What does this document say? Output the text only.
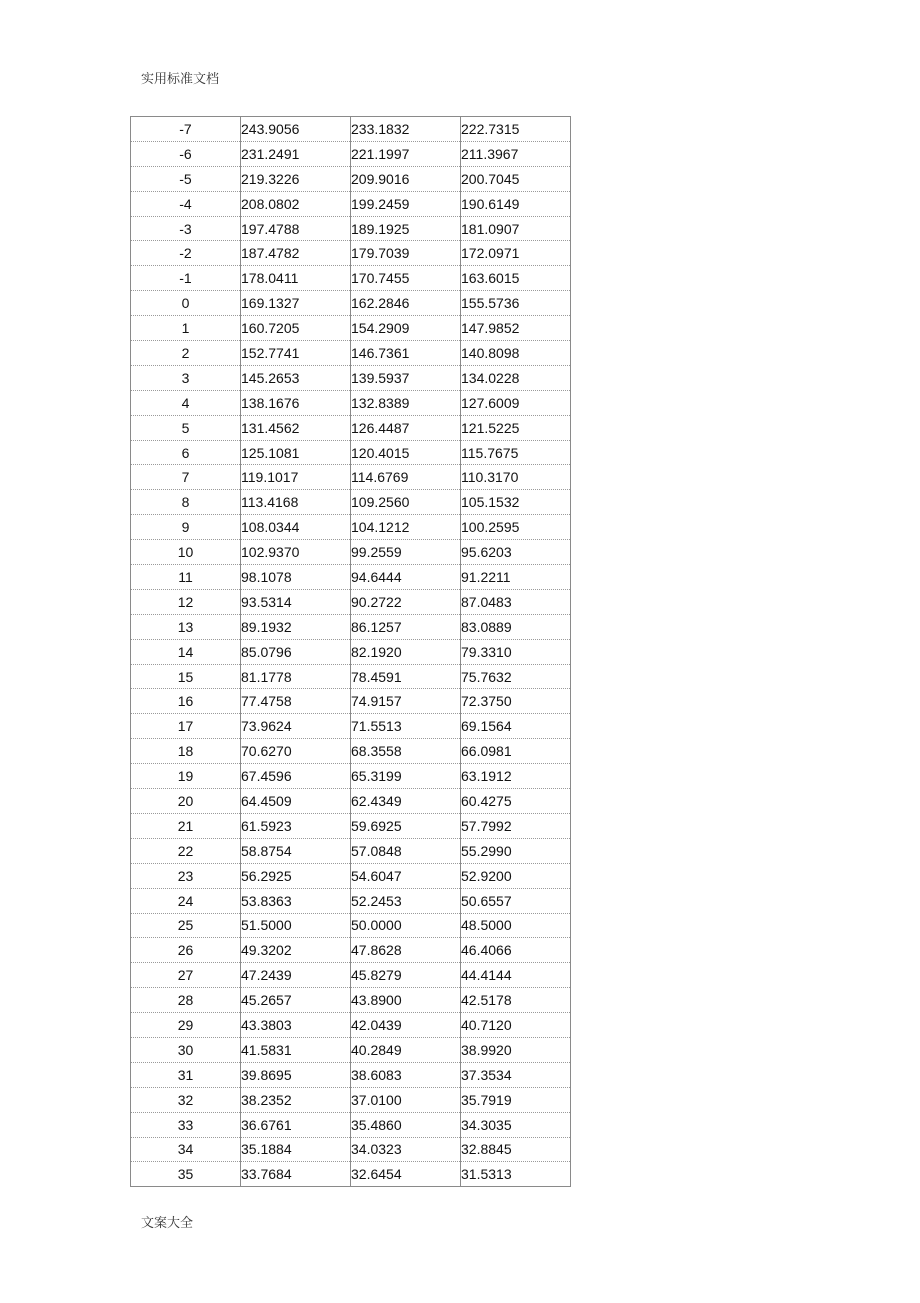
实用标准文档
-7	243.9056	233.1832	222.7315
-6	231.2491	221.1997	211.3967
-5	219.3226	209.9016	200.7045
-4	208.0802	199.2459	190.6149
-3	197.4788	189.1925	181.0907
-2	187.4782	179.7039	172.0971
-1	178.0411	170.7455	163.6015
0	169.1327	162.2846	155.5736
1	160.7205	154.2909	147.9852
2	152.7741	146.7361	140.8098
3	145.2653	139.5937	134.0228
4	138.1676	132.8389	127.6009
5	131.4562	126.4487	121.5225
6	125.1081	120.4015	115.7675
7	119.1017	114.6769	110.3170
8	113.4168	109.2560	105.1532
9	108.0344	104.1212	100.2595
10	102.9370	99.2559	95.6203
11	98.1078	94.6444	91.2211
12	93.5314	90.2722	87.0483
13	89.1932	86.1257	83.0889
14	85.0796	82.1920	79.3310
15	81.1778	78.4591	75.7632
16	77.4758	74.9157	72.3750
17	73.9624	71.5513	69.1564
18	70.6270	68.3558	66.0981
19	67.4596	65.3199	63.1912
20	64.4509	62.4349	60.4275
21	61.5923	59.6925	57.7992
22	58.8754	57.0848	55.2990
23	56.2925	54.6047	52.9200
24	53.8363	52.2453	50.6557
25	51.5000	50.0000	48.5000
26	49.3202	47.8628	46.4066
27	47.2439	45.8279	44.4144
28	45.2657	43.8900	42.5178
29	43.3803	42.0439	40.7120
30	41.5831	40.2849	38.9920
31	39.8695	38.6083	37.3534
32	38.2352	37.0100	35.7919
33	36.6761	35.4860	34.3035
34	35.1884	34.0323	32.8845
35	33.7684	32.6454	31.5313
文案大全
